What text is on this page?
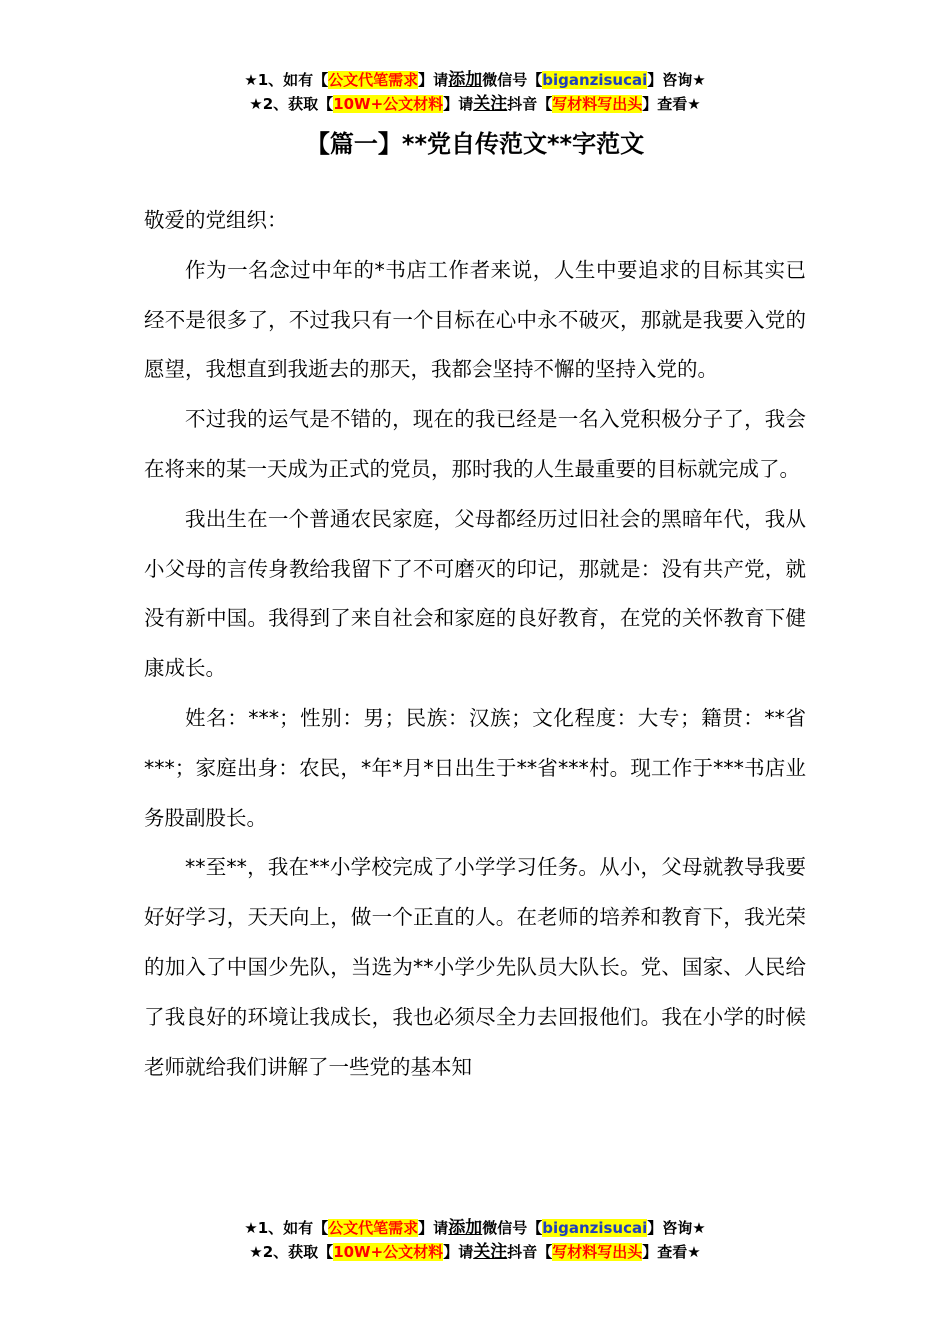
★1、如有【公文代笔需求】请添加微信号【biganzisucai】咨询★
★2、获取【10W+公文材料】请关注抖音【写材料写出头】查看★
【篇一】**党自传范文**字范文

敬爱的党组织：

作为一名念过中年的*书店工作者来说，人生中要追求的目标其实已经不是很多了，不过我只有一个目标在心中永不破灭，那就是我要入党的愿望，我想直到我逝去的那天，我都会坚持不懈的坚持入党的。

不过我的运气是不错的，现在的我已经是一名入党积极分子了，我会在将来的某一天成为正式的党员，那时我的人生最重要的目标就完成了。

我出生在一个普通农民家庭，父母都经历过旧社会的黑暗年代，我从小父母的言传身教给我留下了不可磨灭的印记，那就是：没有共产党，就没有新中国。我得到了来自社会和家庭的良好教育，在党的关怀教育下健康成长。

姓名：***；性别：男；民族：汉族；文化程度：大专；籍贯：**省***；家庭出身：农民，*年*月*日出生于**省***村。现工作于***书店业务股副股长。

**至**，我在**小学校完成了小学学习任务。从小，父母就教导我要好好学习，天天向上，做一个正直的人。在老师的培养和教育下，我光荣的加入了中国少先队，当选为**小学少先队员大队长。党、国家、人民给了我良好的环境让我成长，我也必须尽全力去回报他们。我在小学的时候老师就给我们讲解了一些党的基本知

★1、如有【公文代笔需求】请添加微信号【biganzisucai】咨询★
★2、获取【10W+公文材料】请关注抖音【写材料写出头】查看★
